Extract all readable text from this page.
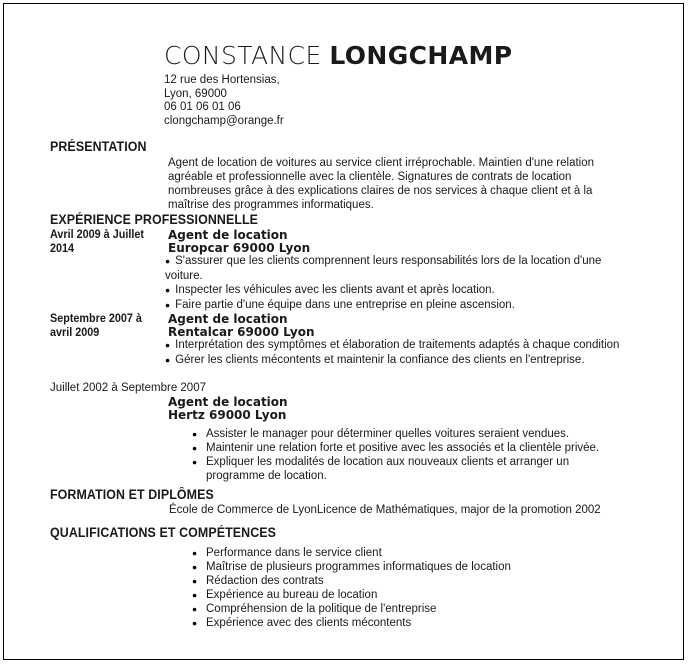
CONSTANCE LONGCHAMP
12 rue des Hortensias,
Lyon, 69000
06 01 06 01 06
clongchamp@orange.fr
PRÉSENTATION
Agent de location de voitures au service client irréprochable. Maintien d'une relation agréable et professionnelle avec la clientèle. Signatures de contrats de location nombreuses grâce à des explications claires de nos services à chaque client et à la maîtrise des programmes informatiques.
EXPÉRIENCE PROFESSIONNELLE
Avril 2009 à Juillet 2014
Agent de location
Europcar 69000 Lyon
● S'assurer que les clients comprennent leurs responsabilités lors de la location d'une voiture.
● Inspecter les véhicules avec les clients avant et après location.
● Faire partie d'une équipe dans une entreprise en pleine ascension.
Septembre 2007 à avril 2009
Agent de location
Rentalcar 69000 Lyon
● Interprétation des symptômes et élaboration de traitements adaptés à chaque condition
● Gérer les clients mécontents et maintenir la confiance des clients en l'entreprise.
Juillet 2002 à Septembre 2007
Agent de location
Hertz 69000 Lyon
● Assister le manager pour déterminer quelles voitures seraient vendues.
● Maintenir une relation forte et positive avec les associés et la clientèle privée.
● Expliquer les modalités de location aux nouveaux clients et arranger un programme de location.
FORMATION ET DIPLÔMES
École de Commerce de LyonLicence de Mathématiques, major de la promotion 2002
QUALIFICATIONS ET COMPÉTENCES
● Performance dans le service client
● Maîtrise de plusieurs programmes informatiques de location
● Rédaction des contrats
● Expérience au bureau de location
● Compréhension de la politique de l'entreprise
● Expérience avec des clients mécontents
